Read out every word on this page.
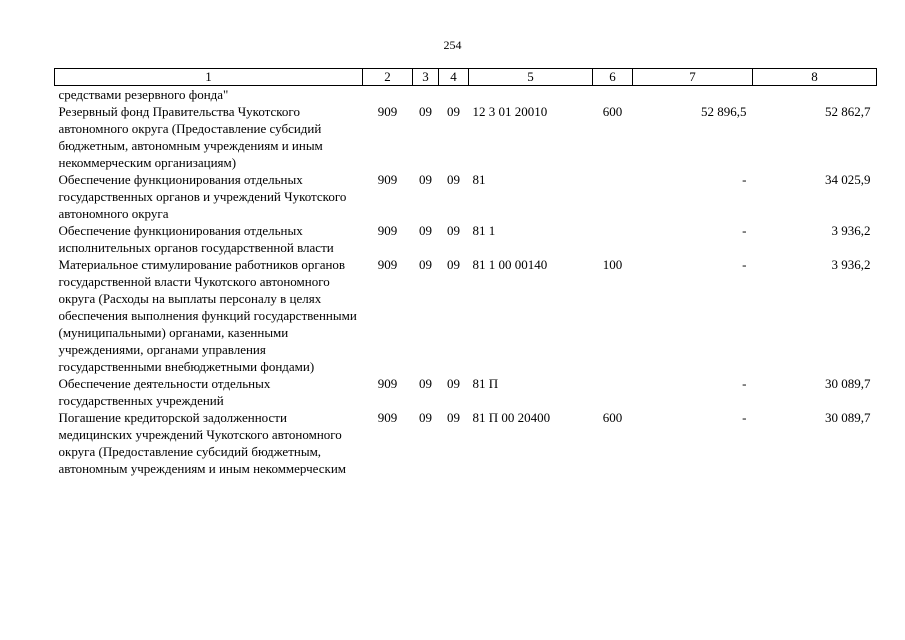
254
1	2	3	4	5	6	7	8
средствами резервного фонда"							
Резервный фонд Правительства Чукотского автономного округа (Предоставление субсидий бюджетным, автономным учреждениям и иным некоммерческим организациям)	909	09	09	12 3 01 20010	600	52 896,5	52 862,7
Обеспечение функционирования отдельных государственных органов и учреждений Чукотского автономного округа	909	09	09	81		-	34 025,9
Обеспечение функционирования отдельных исполнительных органов государственной власти	909	09	09	81 1		-	3 936,2
Материальное стимулирование работников органов государственной власти Чукотского автономного округа (Расходы на выплаты персоналу в целях обеспечения выполнения функций государственными (муниципальными) органами, казенными учреждениями, органами управления государственными внебюджетными фондами)	909	09	09	81 1 00 00140	100	-	3 936,2
Обеспечение деятельности отдельных государственных учреждений	909	09	09	81 П		-	30 089,7
Погашение кредиторской задолженности медицинских учреждений Чукотского автономного округа (Предоставление субсидий бюджетным, автономным учреждениям и иным некоммерческим	909	09	09	81 П 00 20400	600	-	30 089,7
